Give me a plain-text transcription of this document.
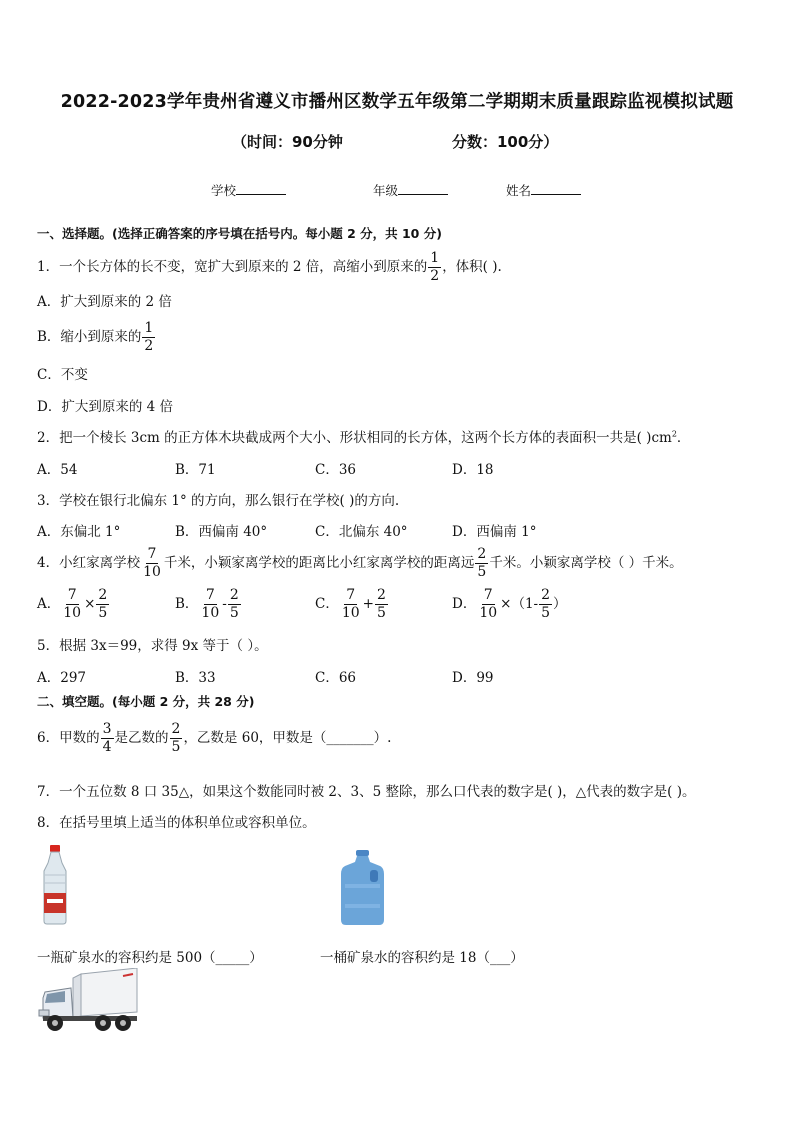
2022-2023学年贵州省遵义市播州区数学五年级第二学期期末质量跟踪监视模拟试题
（时间：90分钟	分数：100分）
学校	年级	姓名
一、选择题。(选择正确答案的序号填在括号内。每小题 2 分，共 10 分)
1．一个长方体的长不变，宽扩大到原来的 2 倍，高缩小到原来的 $\frac{1}{2}$ ，体积( ).
A．扩大到原来的 2 倍
B．缩小到原来的 $\frac{1}{2}$
C．不变
D．扩大到原来的 4 倍
2．把一个棱长 3cm 的正方体木块截成两个大小、形状相同的长方体，这两个长方体的表面积一共是( )$cm^2$．
A．54	B．71	C．36	D．18
3．学校在银行北偏东 1° 的方向，那么银行在学校( )的方向.
A．东偏北 1°	B．西偏南 40°	C．北偏东 40°	D．西偏南 1°
4．小红家离学校 $\frac{7}{10}$ 千米，小颖家离学校的距离比小红家离学校的距离远 $\frac{2}{5}$ 千米。小颖家离学校（ ）千米。
A． $\frac{7}{10} \times \frac{2}{5}$	B． $\frac{7}{10} - \frac{2}{5}$	C． $\frac{7}{10} + \frac{2}{5}$	D． $\frac{7}{10} \times(1- \frac{2}{5}$ ）
5．根据 3x＝99，求得 9x 等于（ ）。
A．297	B．33	C．66	D．99
二、填空题。(每小题 2 分，共 28 分)
6．甲数的 $\frac{3}{4}$ 是乙数的 $\frac{2}{5}$ ，乙数是 60，甲数是（_______）.
7．一个五位数 8 口 35△，如果这个数能同时被 2、3、5 整除，那么口代表的数字是( )，△代表的数字是( )。
8．在括号里填上适当的体积单位或容积单位。
一瓶矿泉水的容积约是 500（_____）	一桶矿泉水的容积约是 18（___）
